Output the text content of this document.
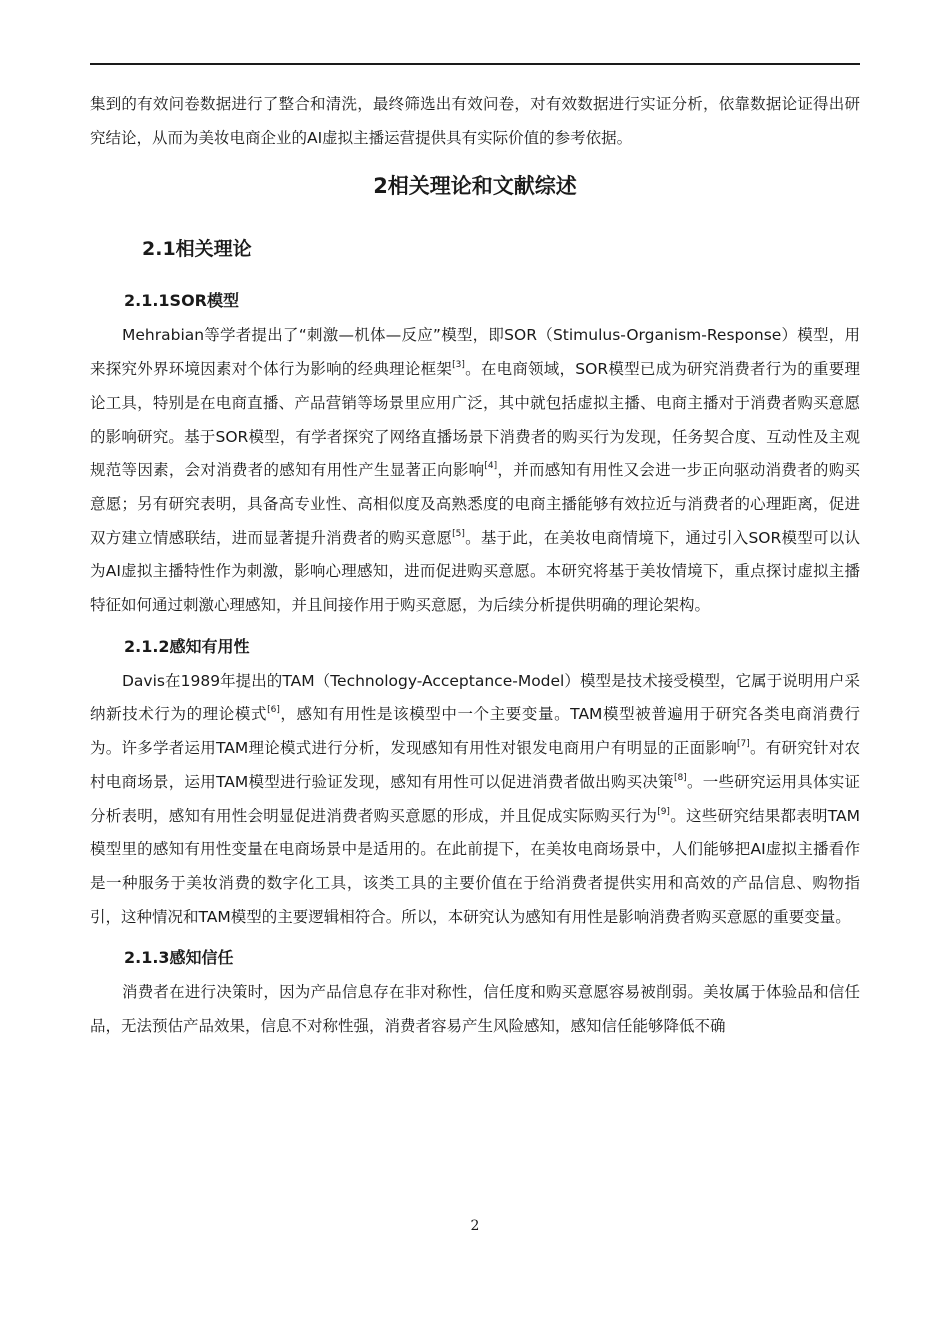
集到的有效问卷数据进行了整合和清洗，最终筛选出有效问卷，对有效数据进行实证分析，依靠数据论证得出研究结论，从而为美妆电商企业的AI虚拟主播运营提供具有实际价值的参考依据。

2相关理论和文献综述
2.1相关理论
2.1.1SOR模型

Mehrabian等学者提出了“刺激—机体—反应”模型，即SOR（Stimulus-Organism-Response）模型，用来探究外界环境因素对个体行为影响的经典理论框架[3]。在电商领域，SOR模型已成为研究消费者行为的重要理论工具，特别是在电商直播、产品营销等场景里应用广泛，其中就包括虚拟主播、电商主播对于消费者购买意愿的影响研究。基于SOR模型，有学者探究了网络直播场景下消费者的购买行为发现，任务契合度、互动性及主观规范等因素，会对消费者的感知有用性产生显著正向影响[4]，并而感知有用性又会进一步正向驱动消费者的购买意愿；另有研究表明，具备高专业性、高相似度及高熟悉度的电商主播能够有效拉近与消费者的心理距离，促进双方建立情感联结，进而显著提升消费者的购买意愿[5]。基于此，在美妆电商情境下，通过引入SOR模型可以认为AI虚拟主播特性作为刺激，影响心理感知，进而促进购买意愿。本研究将基于美妆情境下，重点探讨虚拟主播特征如何通过刺激心理感知，并且间接作用于购买意愿，为后续分析提供明确的理论架构。

2.1.2感知有用性

Davis在1989年提出的TAM（Technology-Acceptance-Model）模型是技术接受模型，它属于说明用户采纳新技术行为的理论模式[6]，感知有用性是该模型中一个主要变量。TAM模型被普遍用于研究各类电商消费行为。许多学者运用TAM理论模式进行分析，发现感知有用性对银发电商用户有明显的正面影响[7]。有研究针对农村电商场景，运用TAM模型进行验证发现，感知有用性可以促进消费者做出购买决策[8]。一些研究运用具体实证分析表明，感知有用性会明显促进消费者购买意愿的形成，并且促成实际购买行为[9]。这些研究结果都表明TAM模型里的感知有用性变量在电商场景中是适用的。在此前提下，在美妆电商场景中，人们能够把AI虚拟主播看作是一种服务于美妆消费的数字化工具，该类工具的主要价值在于给消费者提供实用和高效的产品信息、购物指引，这种情况和TAM模型的主要逻辑相符合。所以，本研究认为感知有用性是影响消费者购买意愿的重要变量。

2.1.3感知信任

消费者在进行决策时，因为产品信息存在非对称性，信任度和购买意愿容易被削弱。美妆属于体验品和信任品，无法预估产品效果，信息不对称性强，消费者容易产生风险感知，感知信任能够降低不确

2
